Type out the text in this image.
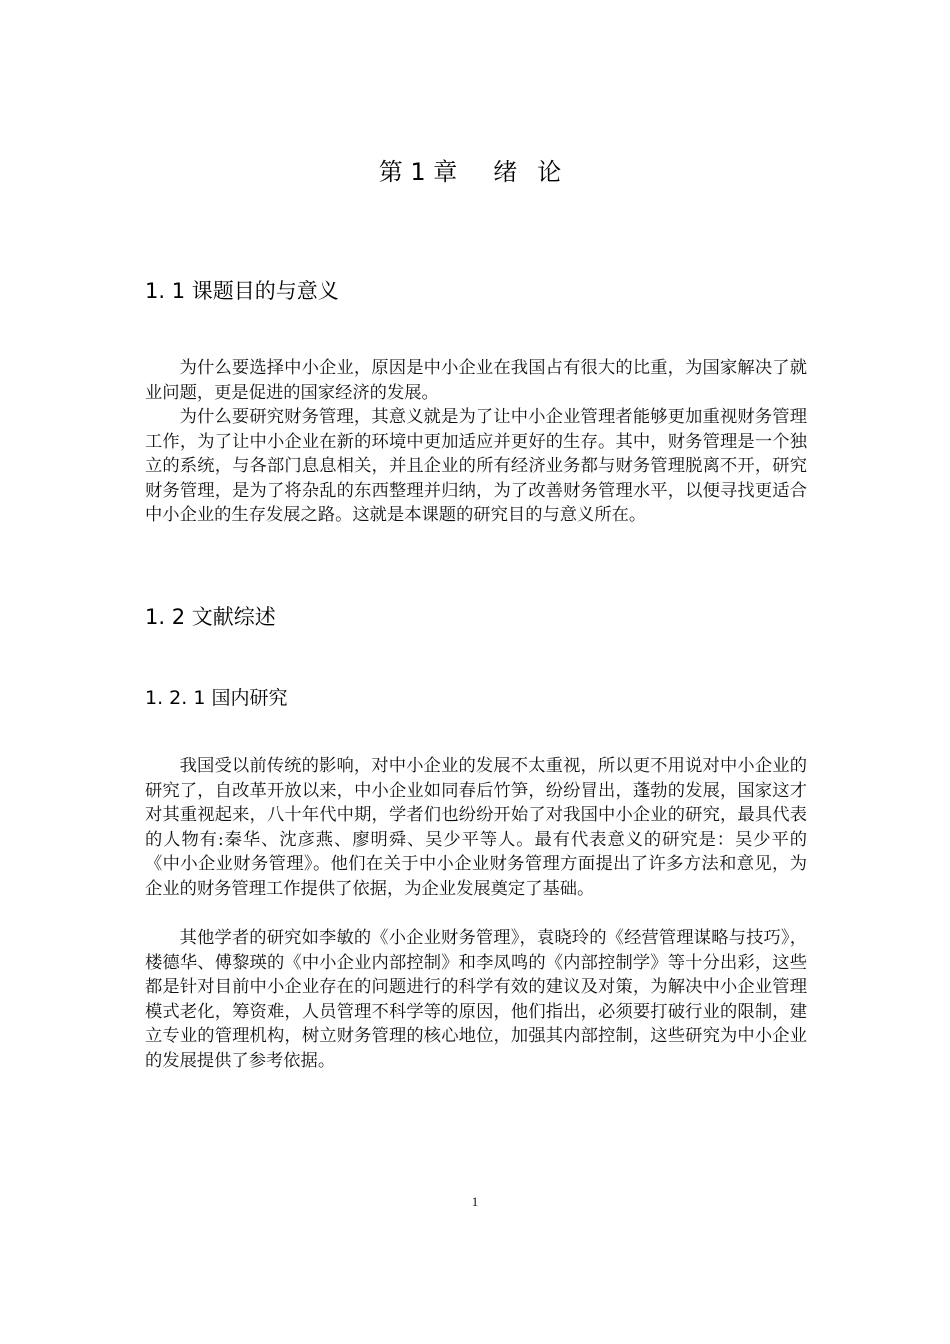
第 1 章 绪 论
1. 1 课题目的与意义

为什么要选择中小企业，原因是中小企业在我国占有很大的比重，为国家解决了就业问题，更是促进的国家经济的发展。

为什么要研究财务管理，其意义就是为了让中小企业管理者能够更加重视财务管理工作，为了让中小企业在新的环境中更加适应并更好的生存。其中，财务管理是一个独立的系统，与各部门息息相关，并且企业的所有经济业务都与财务管理脱离不开，研究财务管理，是为了将杂乱的东西整理并归纳，为了改善财务管理水平，以便寻找更适合中小企业的生存发展之路。这就是本课题的研究目的与意义所在。

1. 2 文献综述
1. 2. 1 国内研究

我国受以前传统的影响，对中小企业的发展不太重视，所以更不用说对中小企业的研究了，自改革开放以来，中小企业如同春后竹笋，纷纷冒出，蓬勃的发展，国家这才对其重视起来，八十年代中期，学者们也纷纷开始了对我国中小企业的研究，最具代表的人物有:秦华、沈彦燕、廖明舜、吴少平等人。最有代表意义的研究是：吴少平的《中小企业财务管理》。他们在关于中小企业财务管理方面提出了许多方法和意见，为企业的财务管理工作提供了依据，为企业发展奠定了基础。

其他学者的研究如李敏的《小企业财务管理》，袁晓玲的《经营管理谋略与技巧》，楼德华、傅黎瑛的《中小企业内部控制》和李凤鸣的《内部控制学》等十分出彩，这些都是针对目前中小企业存在的问题进行的科学有效的建议及对策，为解决中小企业管理模式老化，筹资难，人员管理不科学等的原因，他们指出，必须要打破行业的限制，建立专业的管理机构，树立财务管理的核心地位，加强其内部控制，这些研究为中小企业的发展提供了参考依据。

1
